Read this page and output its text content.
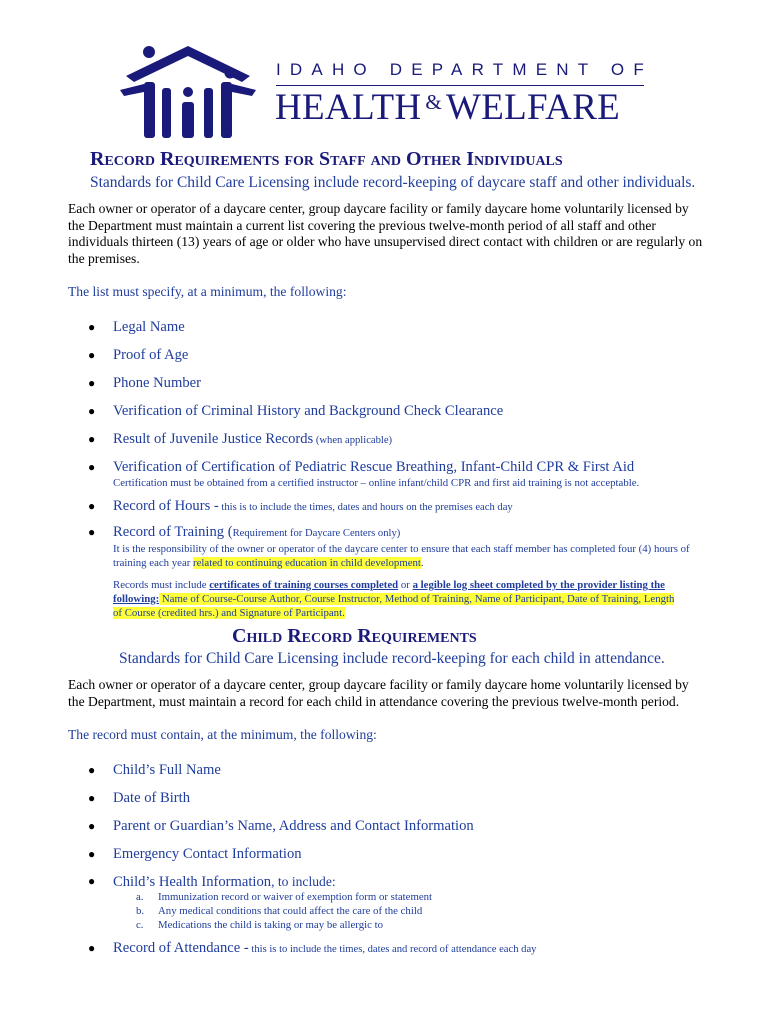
IDAHO DEPARTMENT OF
HEALTH & WELFARE
Record Requirements for Staff and Other Individuals
Standards for Child Care Licensing include record-keeping of daycare staff and other individuals.
Each owner or operator of a daycare center, group daycare facility or family daycare home voluntarily licensed by the Department must maintain a current list covering the previous twelve-month period of all staff and other individuals thirteen (13) years of age or older who have unsupervised direct contact with children or are regularly on the premises.
The list must specify, at a minimum, the following:
● Legal Name
● Proof of Age
● Phone Number
● Verification of Criminal History and Background Check Clearance
● Result of Juvenile Justice Records (when applicable)
● Verification of Certification of Pediatric Rescue Breathing, Infant-Child CPR & First Aid
Certification must be obtained from a certified instructor – online infant/child CPR and first aid training is not acceptable.
● Record of Hours - this is to include the times, dates and hours on the premises each day
● Record of Training (Requirement for Daycare Centers only)
It is the responsibility of the owner or operator of the daycare center to ensure that each staff member has completed four (4) hours of training each year related to continuing education in child development.
Records must include certificates of training courses completed or a legible log sheet completed by the provider listing the following: Name of Course-Course Author, Course Instructor, Method of Training, Name of Participant, Date of Training, Length of Course (credited hrs.) and Signature of Participant.
Child Record Requirements
Standards for Child Care Licensing include record-keeping for each child in attendance.
Each owner or operator of a daycare center, group daycare facility or family daycare home voluntarily licensed by the Department, must maintain a record for each child in attendance covering the previous twelve-month period.
The record must contain, at the minimum, the following:
● Child’s Full Name
● Date of Birth
● Parent or Guardian’s Name, Address and Contact Information
● Emergency Contact Information
● Child’s Health Information, to include:
a. Immunization record or waiver of exemption form or statement
b. Any medical conditions that could affect the care of the child
c. Medications the child is taking or may be allergic to
● Record of Attendance - this is to include the times, dates and record of attendance each day
